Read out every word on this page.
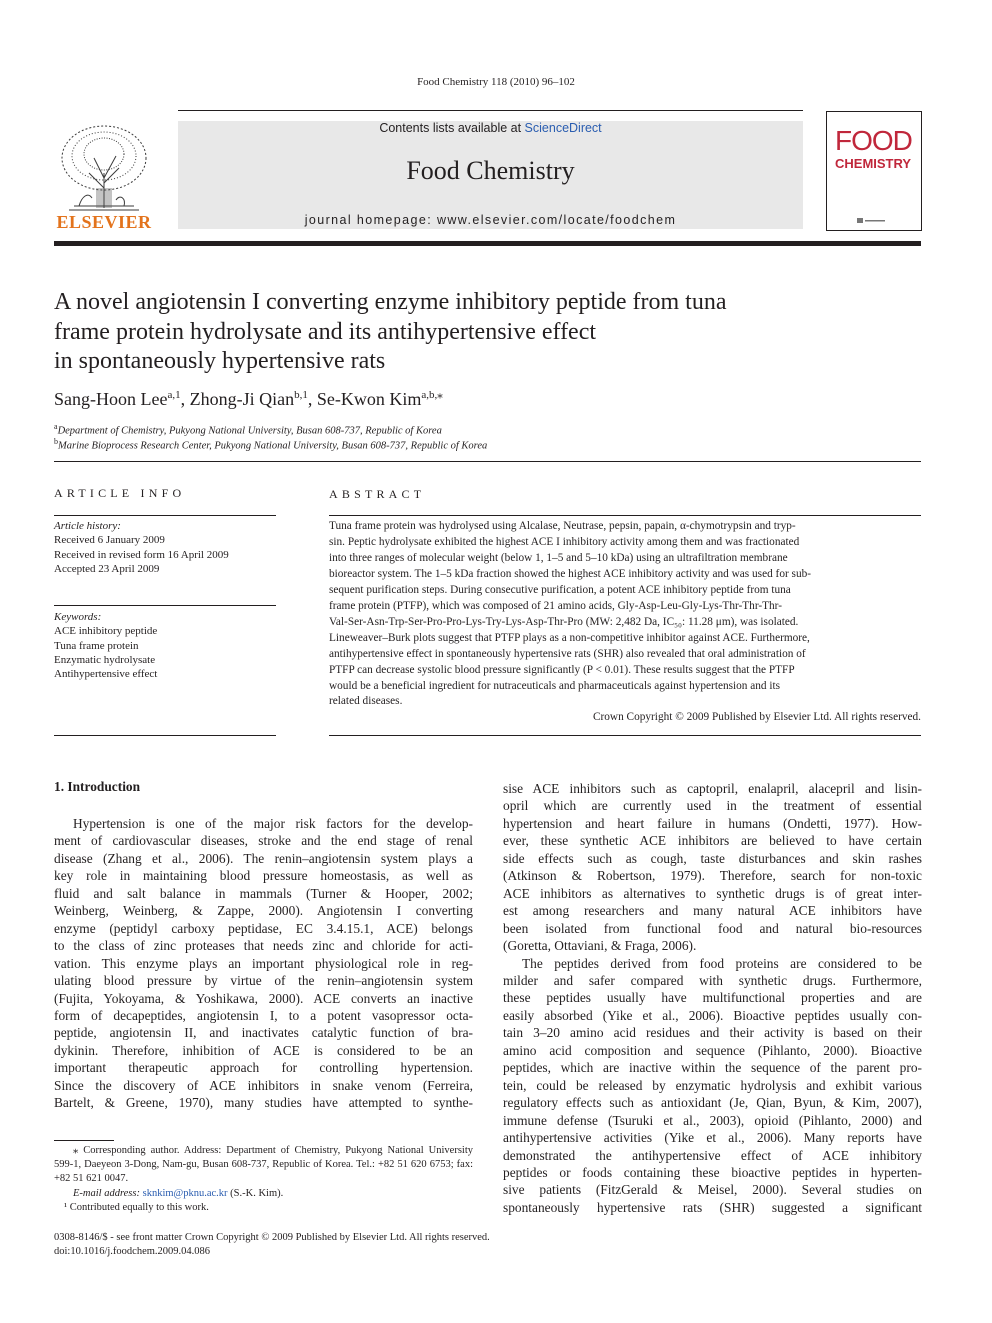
Food Chemistry 118 (2010) 96–102
ELSEVIER
Contents lists available at ScienceDirect
Food Chemistry
journal homepage: www.elsevier.com/locate/foodchem
FOOD
CHEMISTRY
A novel angiotensin I converting enzyme inhibitory peptide from tuna
frame protein hydrolysate and its antihypertensive effect
in spontaneously hypertensive rats
Sang-Hoon Lee$^{a,1}$, Zhong-Ji Qian$^{b,1}$, Se-Kwon Kim$^{a,b,⁎}$
$^a$Department of Chemistry, Pukyong National University, Busan 608-737, Republic of Korea
$^b$Marine Bioprocess Research Center, Pukyong National University, Busan 608-737, Republic of Korea
ARTICLE INFO
Article history:
Received 6 January 2009
Received in revised form 16 April 2009
Accepted 23 April 2009
Keywords:
ACE inhibitory peptide
Tuna frame protein
Enzymatic hydrolysate
Antihypertensive effect
ABSTRACT
Tuna frame protein was hydrolysed using Alcalase, Neutrase, pepsin, papain, α-chymotrypsin and tryp-
sin. Peptic hydrolysate exhibited the highest ACE I inhibitory activity among them and was fractionated
into three ranges of molecular weight (below 1, 1–5 and 5–10 kDa) using an ultrafiltration membrane
bioreactor system. The 1–5 kDa fraction showed the highest ACE inhibitory activity and was used for sub-
sequent purification steps. During consecutive purification, a potent ACE inhibitory peptide from tuna
frame protein (PTFP), which was composed of 21 amino acids, Gly-Asp-Leu-Gly-Lys-Thr-Thr-Thr-
Val-Ser-Asn-Trp-Ser-Pro-Pro-Lys-Try-Lys-Asp-Thr-Pro (MW: 2,482 Da, IC₅₀: 11.28 μm), was isolated.
Lineweaver–Burk plots suggest that PTFP plays as a non-competitive inhibitor against ACE. Furthermore,
antihypertensive effect in spontaneously hypertensive rats (SHR) also revealed that oral administration of
PTFP can decrease systolic blood pressure significantly (P < 0.01). These results suggest that the PTFP
would be a beneficial ingredient for nutraceuticals and pharmaceuticals against hypertension and its
related diseases.
Crown Copyright © 2009 Published by Elsevier Ltd. All rights reserved.
1. Introduction
Hypertension is one of the major risk factors for the develop-
ment of cardiovascular diseases, stroke and the end stage of renal
disease (Zhang et al., 2006). The renin–angiotensin system plays a
key role in maintaining blood pressure homeostasis, as well as
fluid and salt balance in mammals (Turner & Hooper, 2002;
Weinberg, Weinberg, & Zappe, 2000). Angiotensin I converting
enzyme (peptidyl carboxy peptidase, EC 3.4.15.1, ACE) belongs
to the class of zinc proteases that needs zinc and chloride for acti-
vation. This enzyme plays an important physiological role in reg-
ulating blood pressure by virtue of the renin–angiotensin system
(Fujita, Yokoyama, & Yoshikawa, 2000). ACE converts an inactive
form of decapeptides, angiotensin I, to a potent vasopressor octa-
peptide, angiotensin II, and inactivates catalytic function of bra-
dykinin. Therefore, inhibition of ACE is considered to be an
important therapeutic approach for controlling hypertension.
Since the discovery of ACE inhibitors in snake venom (Ferreira,
Bartelt, & Greene, 1970), many studies have attempted to synthe-
sise ACE inhibitors such as captopril, enalapril, alacepril and lisin-
opril which are currently used in the treatment of essential
hypertension and heart failure in humans (Ondetti, 1977). How-
ever, these synthetic ACE inhibitors are believed to have certain
side effects such as cough, taste disturbances and skin rashes
(Atkinson & Robertson, 1979). Therefore, search for non-toxic
ACE inhibitors as alternatives to synthetic drugs is of great inter-
est among researchers and many natural ACE inhibitors have
been isolated from functional food and natural bio-resources
(Goretta, Ottaviani, & Fraga, 2006).
The peptides derived from food proteins are considered to be
milder and safer compared with synthetic drugs. Furthermore,
these peptides usually have multifunctional properties and are
easily absorbed (Yike et al., 2006). Bioactive peptides usually con-
tain 3–20 amino acid residues and their activity is based on their
amino acid composition and sequence (Pihlanto, 2000). Bioactive
peptides, which are inactive within the sequence of the parent pro-
tein, could be released by enzymatic hydrolysis and exhibit various
regulatory effects such as antioxidant (Je, Qian, Byun, & Kim, 2007),
immune defense (Tsuruki et al., 2003), opioid (Pihlanto, 2000) and
antihypertensive activities (Yike et al., 2006). Many reports have
demonstrated the antihypertensive effect of ACE inhibitory
peptides or foods containing these bioactive peptides in hyperten-
sive patients (FitzGerald & Meisel, 2000). Several studies on
spontaneously hypertensive rats (SHR) suggested a significant
⁎ Corresponding author. Address: Department of Chemistry, Pukyong National University 599-1, Daeyeon 3-Dong, Nam-gu, Busan 608-737, Republic of Korea. Tel.: +82 51 620 6753; fax: +82 51 621 0047.
E-mail address: sknkim@pknu.ac.kr (S.-K. Kim).
¹ Contributed equally to this work.
0308-8146/$ - see front matter Crown Copyright © 2009 Published by Elsevier Ltd. All rights reserved.
doi:10.1016/j.foodchem.2009.04.086
